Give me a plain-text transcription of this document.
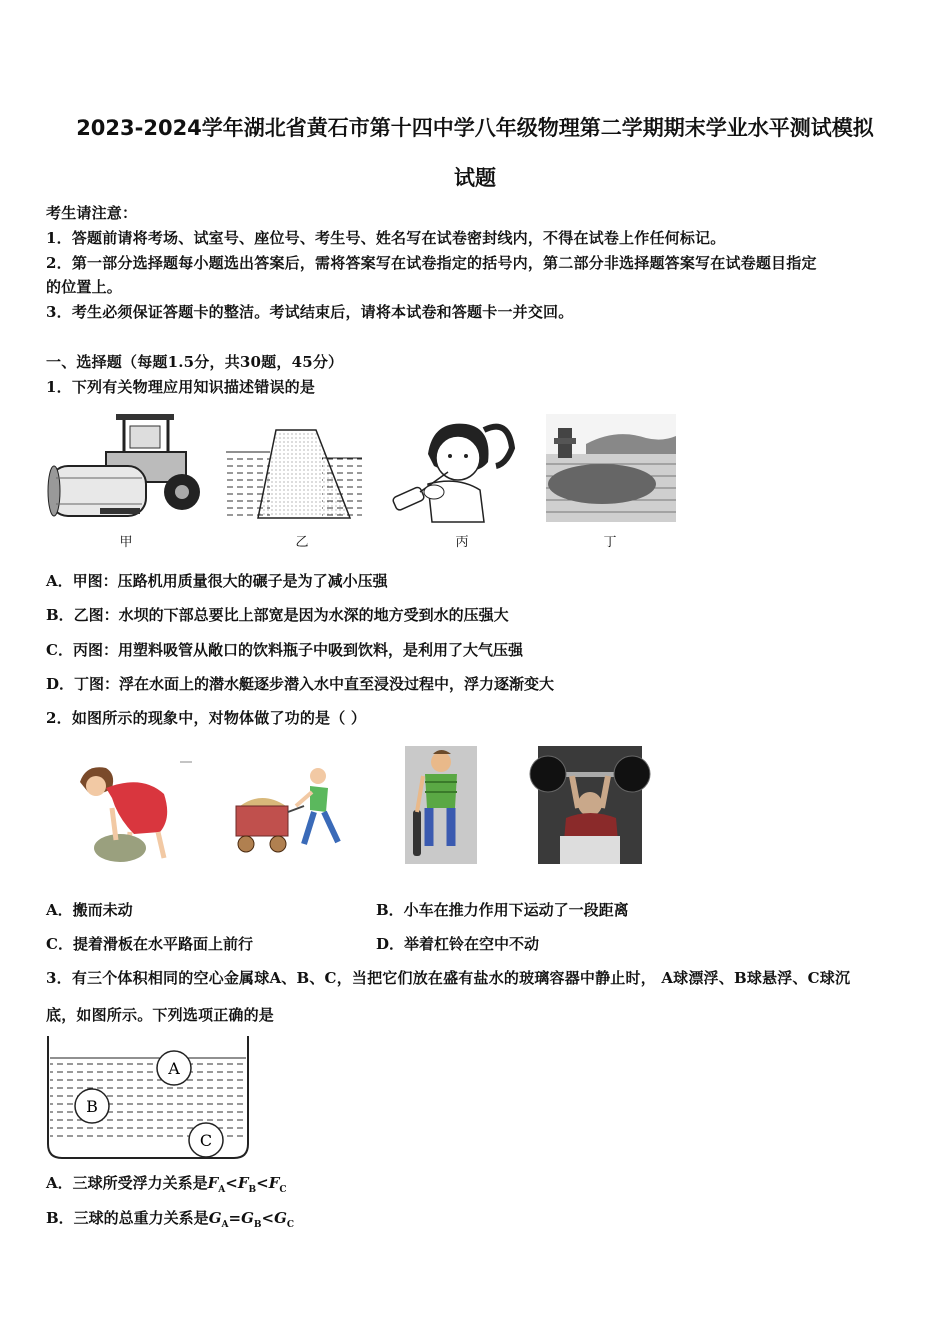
2023-2024学年湖北省黄石市第十四中学八年级物理第二学期期末学业水平测试模拟
试题
考生请注意：
1．答题前请将考场、试室号、座位号、考生号、姓名写在试卷密封线内，不得在试卷上作任何标记。
2．第一部分选择题每小题选出答案后，需将答案写在试卷指定的括号内，第二部分非选择题答案写在试卷题目指定
的位置上。
3．考生必须保证答题卡的整洁。考试结束后，请将本试卷和答题卡一并交回。
一、选择题（每题1.5分，共30题，45分）
1．下列有关物理应用知识描述错误的是
甲	乙	丙	丁
A．甲图：压路机用质量很大的碾子是为了减小压强
B．乙图：水坝的下部总要比上部宽是因为水深的地方受到水的压强大
C．丙图：用塑料吸管从敞口的饮料瓶子中吸到饮料，是利用了大气压强
D．丁图：浮在水面上的潜水艇逐步潜入水中直至浸没过程中，浮力逐渐变大
2．如图所示的现象中，对物体做了功的是（ ）
A．搬而未动	B．小车在推力作用下运动了一段距离
C．提着滑板在水平路面上前行	D．举着杠铃在空中不动
3．有三个体积相同的空心金属球A、B、C，当把它们放在盛有盐水的玻璃容器中静止时， A球漂浮、B球悬浮、C球沉
底，如图所示。下列选项正确的是
A
B
C
A．三球所受浮力关系是$F_A<F_B<F_C$
B．三球的总重力关系是$G_A=G_B<G_C$
